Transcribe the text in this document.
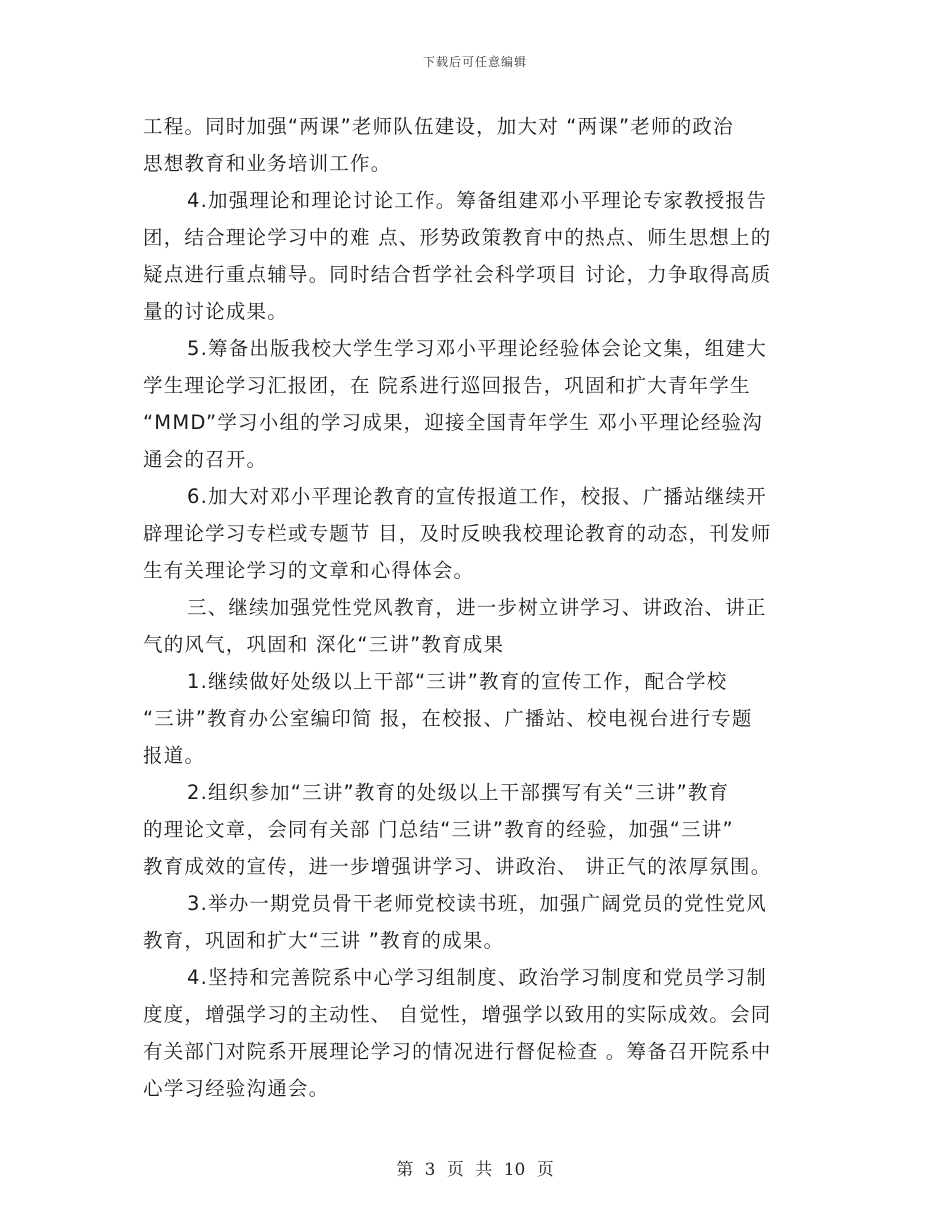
下载后可任意编辑
工程。同时加强“两课”老师队伍建设，加大对 “两课”老师的政治
思想教育和业务培训工作。
4.加强理论和理论讨论工作。筹备组建邓小平理论专家教授报告
团，结合理论学习中的难 点、形势政策教育中的热点、师生思想上的
疑点进行重点辅导。同时结合哲学社会科学项目 讨论，力争取得高质
量的讨论成果。
5.筹备出版我校大学生学习邓小平理论经验体会论文集，组建大
学生理论学习汇报团，在 院系进行巡回报告，巩固和扩大青年学生
“MMD”学习小组的学习成果，迎接全国青年学生 邓小平理论经验沟
通会的召开。
6.加大对邓小平理论教育的宣传报道工作，校报、广播站继续开
辟理论学习专栏或专题节 目，及时反映我校理论教育的动态，刊发师
生有关理论学习的文章和心得体会。
三、继续加强党性党风教育，进一步树立讲学习、讲政治、讲正
气的风气，巩固和 深化“三讲”教育成果
1.继续做好处级以上干部“三讲”教育的宣传工作，配合学校
“三讲”教育办公室编印简 报，在校报、广播站、校电视台进行专题
报道。
2.组织参加“三讲”教育的处级以上干部撰写有关“三讲”教育
的理论文章，会同有关部 门总结“三讲”教育的经验，加强“三讲”
教育成效的宣传，进一步增强讲学习、讲政治、 讲正气的浓厚氛围。
3.举办一期党员骨干老师党校读书班，加强广阔党员的党性党风
教育，巩固和扩大“三讲 ”教育的成果。
4.坚持和完善院系中心学习组制度、政治学习制度和党员学习制
度度，增强学习的主动性、 自觉性，增强学以致用的实际成效。会同
有关部门对院系开展理论学习的情况进行督促检查 。筹备召开院系中
心学习经验沟通会。
第 3 页 共 10 页
